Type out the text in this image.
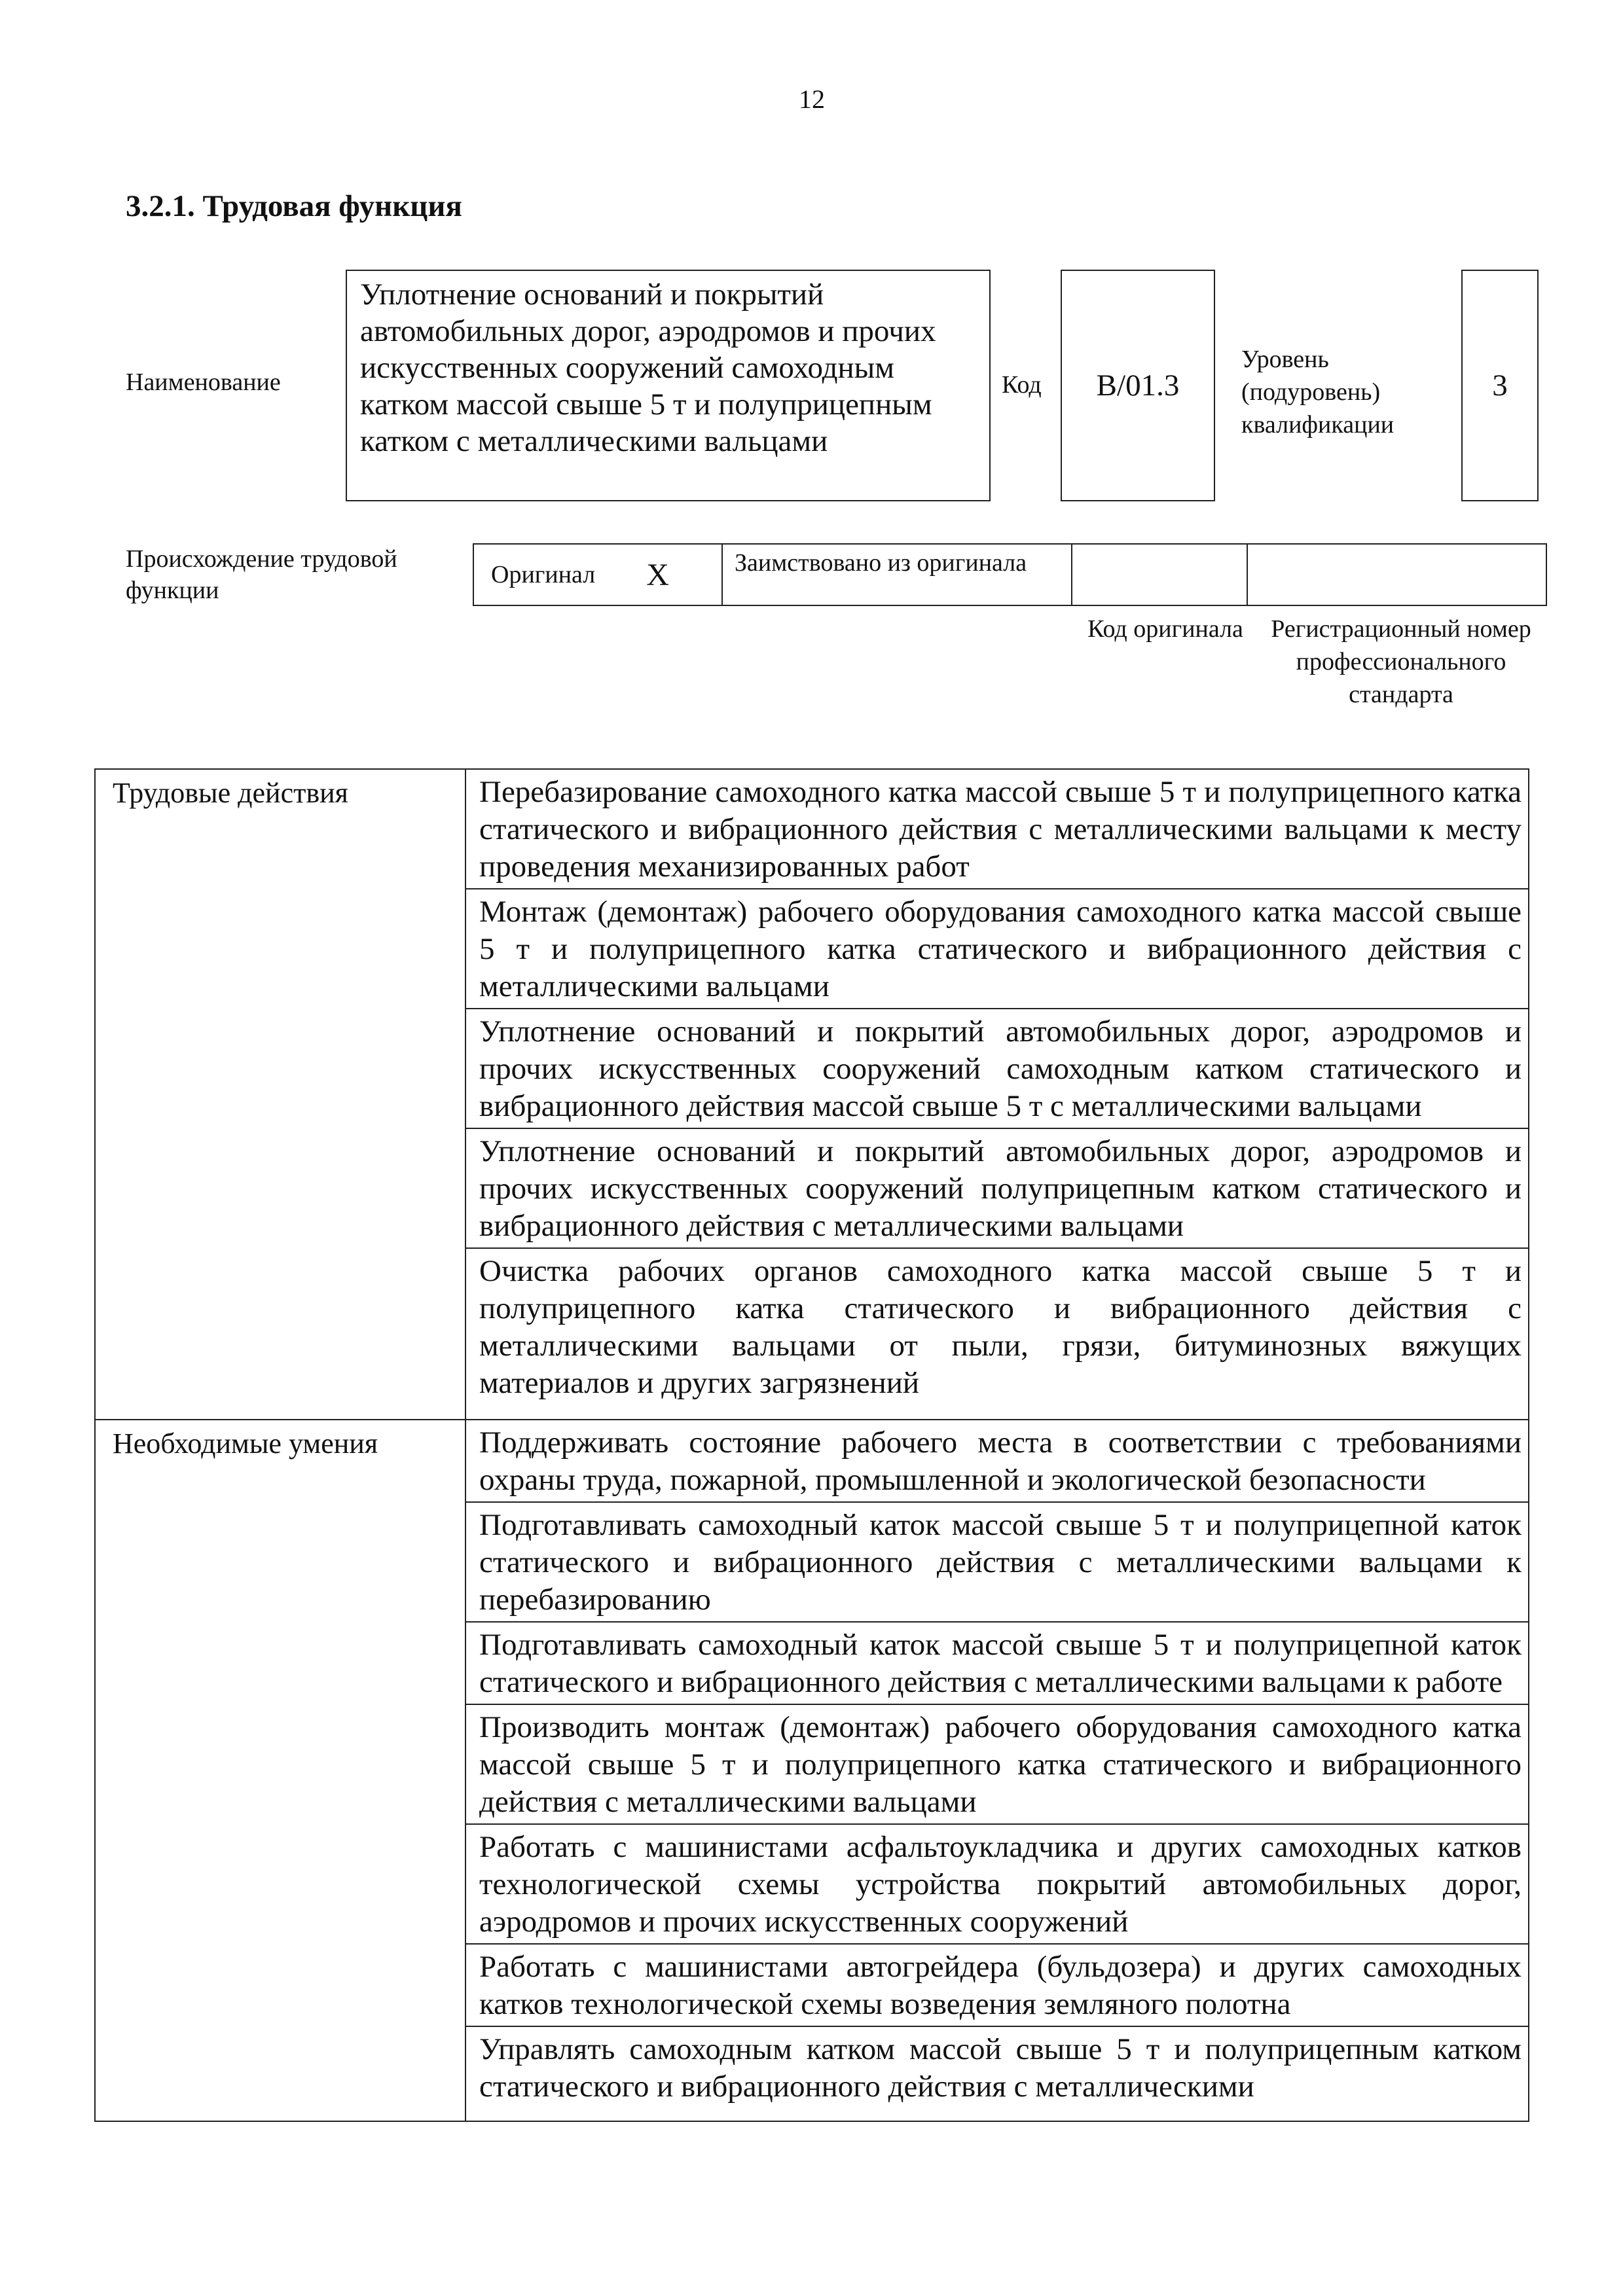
12
3.2.1. Трудовая функция
Наименование
Уплотнение оснований и покрытий автомобильных дорог, аэродромов и прочих искусственных сооружений самоходным катком массой свыше 5 т и полуприцепным катком с металлическими вальцами
Код B/01.3
Уровень (подуровень) квалификации
3
Происхождение трудовой функции
Оригинал X	Заимствовано из оригинала
Код оригинала	Регистрационный номер профессионального стандарта
Трудовые действия	Перебазирование самоходного катка массой свыше 5 т и полуприцепного катка статического и вибрационного действия с металлическими вальцами к месту проведения механизированных работ
Монтаж (демонтаж) рабочего оборудования самоходного катка массой свыше 5 т и полуприцепного катка статического и вибрационного действия с металлическими вальцами
Уплотнение оснований и покрытий автомобильных дорог, аэродромов и прочих искусственных сооружений самоходным катком статического и вибрационного действия массой свыше 5 т с металлическими вальцами
Уплотнение оснований и покрытий автомобильных дорог, аэродромов и прочих искусственных сооружений полуприцепным катком статического и вибрационного действия с металлическими вальцами
Очистка рабочих органов самоходного катка массой свыше 5 т и полуприцепного катка статического и вибрационного действия с металлическими вальцами от пыли, грязи, битуминозных вяжущих материалов и других загрязнений
Необходимые умения	Поддерживать состояние рабочего места в соответствии с требованиями охраны труда, пожарной, промышленной и экологической безопасности
Подготавливать самоходный каток массой свыше 5 т и полуприцепной каток статического и вибрационного действия с металлическими вальцами к перебазированию
Подготавливать самоходный каток массой свыше 5 т и полуприцепной каток статического и вибрационного действия с металлическими вальцами к работе
Производить монтаж (демонтаж) рабочего оборудования самоходного катка массой свыше 5 т и полуприцепного катка статического и вибрационного действия с металлическими вальцами
Работать с машинистами асфальтоукладчика и других самоходных катков технологической схемы устройства покрытий автомобильных дорог, аэродромов и прочих искусственных сооружений
Работать с машинистами автогрейдера (бульдозера) и других самоходных катков технологической схемы возведения земляного полотна
Управлять самоходным катком массой свыше 5 т и полуприцепным катком статического и вибрационного действия с металлическими
